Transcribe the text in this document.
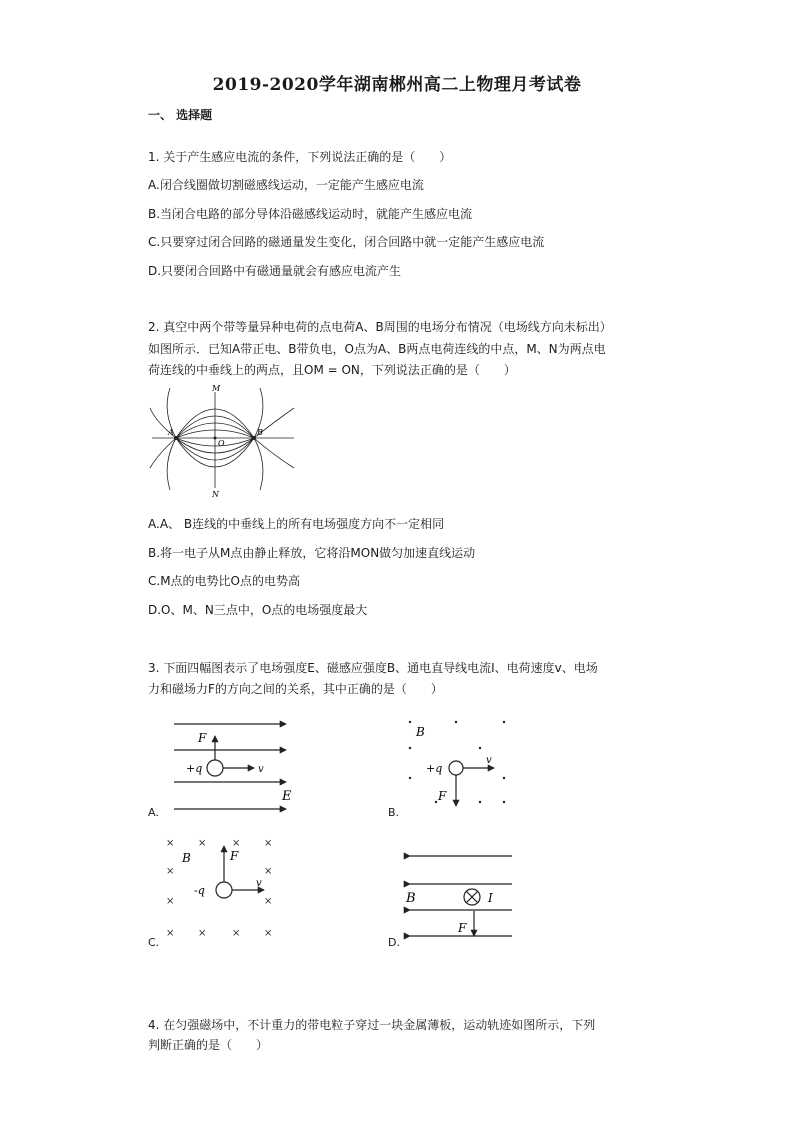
2019-2020学年湖南郴州高二上物理月考试卷
一、 选择题
1. 关于产生感应电流的条件，下列说法正确的是（　　）
A.闭合线圈做切割磁感线运动，一定能产生感应电流
B.当闭合电路的部分导体沿磁感线运动时，就能产生感应电流
C.只要穿过闭合回路的磁通量发生变化，闭合回路中就一定能产生感应电流
D.只要闭合回路中有磁通量就会有感应电流产生
2. 真空中两个带等量异种电荷的点电荷A、B周围的电场分布情况（电场线方向未标出）
如图所示．已知A带正电、B带负电，O点为A、B两点电荷连线的中点，M、N为两点电
荷连线的中垂线上的两点，且OM = ON，下列说法正确的是（　　）
M
N
A	B
O
A.A、 B连线的中垂线上的所有电场强度方向不一定相同
B.将一电子从M点由静止释放，它将沿MON做匀加速直线运动
C.M点的电势比O点的电势高
D.O、M、N三点中，O点的电场强度最大
3. 下面四幅图表示了电场强度E、磁感应强度B、通电直导线电流I、电荷速度v、电场
力和磁场力F的方向之间的关系，其中正确的是（　　）
F
+q	v
E
A.
B
+q
v
F
B.
× ×	× ×
×	×
×	×
× ×	× ×
B	F
-q
v
C.
B	I
F
D.
4. 在匀强磁场中，不计重力的带电粒子穿过一块金属薄板，运动轨迹如图所示，下列
判断正确的是（　　）
